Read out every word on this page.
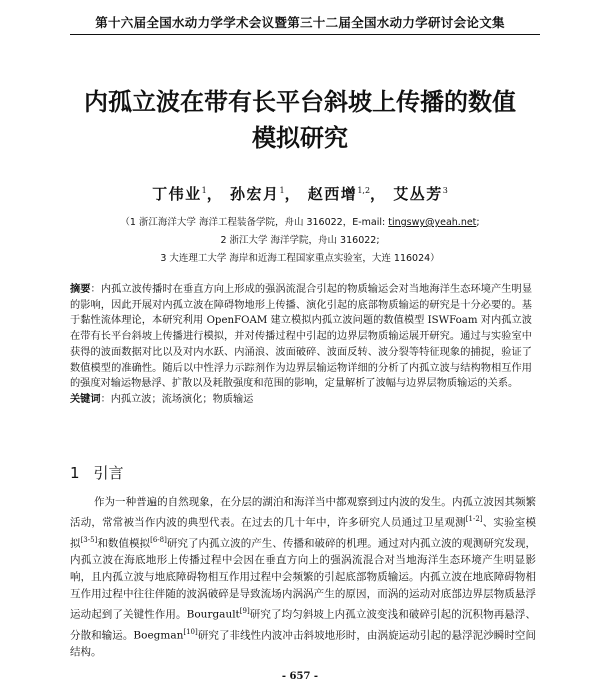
第十六届全国水动力学学术会议暨第三十二届全国水动力学研讨会论文集
内孤立波在带有长平台斜坡上传播的数值
模拟研究
丁伟业$^1$， 孙宏月$^1$， 赵西增$^{1,2}$， 艾丛芳$^3$
（1 浙江海洋大学 海洋工程装备学院，舟山 316022，E-mail: tingswy@yeah.net;
2 浙江大学 海洋学院，舟山 316022;
3 大连理工大学 海岸和近海工程国家重点实验室，大连 116024）
摘要：内孤立波传播时在垂直方向上形成的强涡流混合引起的物质输运会对当地海洋生态环境产生明显的影响，因此开展对内孤立波在障碍物地形上传播、演化引起的底部物质输运的研究是十分必要的。基于黏性流体理论，本研究利用 OpenFOAM 建立模拟内孤立波问题的数值模型 ISWFoam 对内孤立波在带有长平台斜坡上传播进行模拟，并对传播过程中引起的边界层物质输运展开研究。通过与实验室中获得的波面数据对比以及对内水跃、内涌浪、波面破碎、波面反转、波分裂等特征现象的捕捉，验证了数值模型的准确性。随后以中性浮力示踪剂作为边界层输运物详细的分析了内孤立波与结构物相互作用的强度对输运物悬浮、扩散以及耗散强度和范围的影响，定量解析了波幅与边界层物质输运的关系。
关键词：内孤立波；流场演化；物质输运
1 引言
作为一种普遍的自然现象，在分层的湖泊和海洋当中都观察到过内波的发生。内孤立波因其频繁活动，常常被当作内波的典型代表。在过去的几十年中，许多研究人员通过卫星观测[1-2]、实验室模拟[3-5]和数值模拟[6-8]研究了内孤立波的产生、传播和破碎的机理。通过对内孤立波的观测研究发现，内孤立波在海底地形上传播过程中会因在垂直方向上的强涡流混合对当地海洋生态环境产生明显影响，且内孤立波与地底障碍物相互作用过程中会频繁的引起底部物质输运。内孤立波在地底障碍物相互作用过程中往往伴随的波涡破碎是导致流场内涡涡产生的原因，而涡的运动对底部边界层物质悬浮运动起到了关键性作用。Bourgault[9]研究了均匀斜坡上内孤立波变浅和破碎引起的沉积物再悬浮、分散和输运。Boegman[10]研究了非线性内波冲击斜坡地形时，由涡旋运动引起的悬浮泥沙瞬时空间结构。
- 657 -
